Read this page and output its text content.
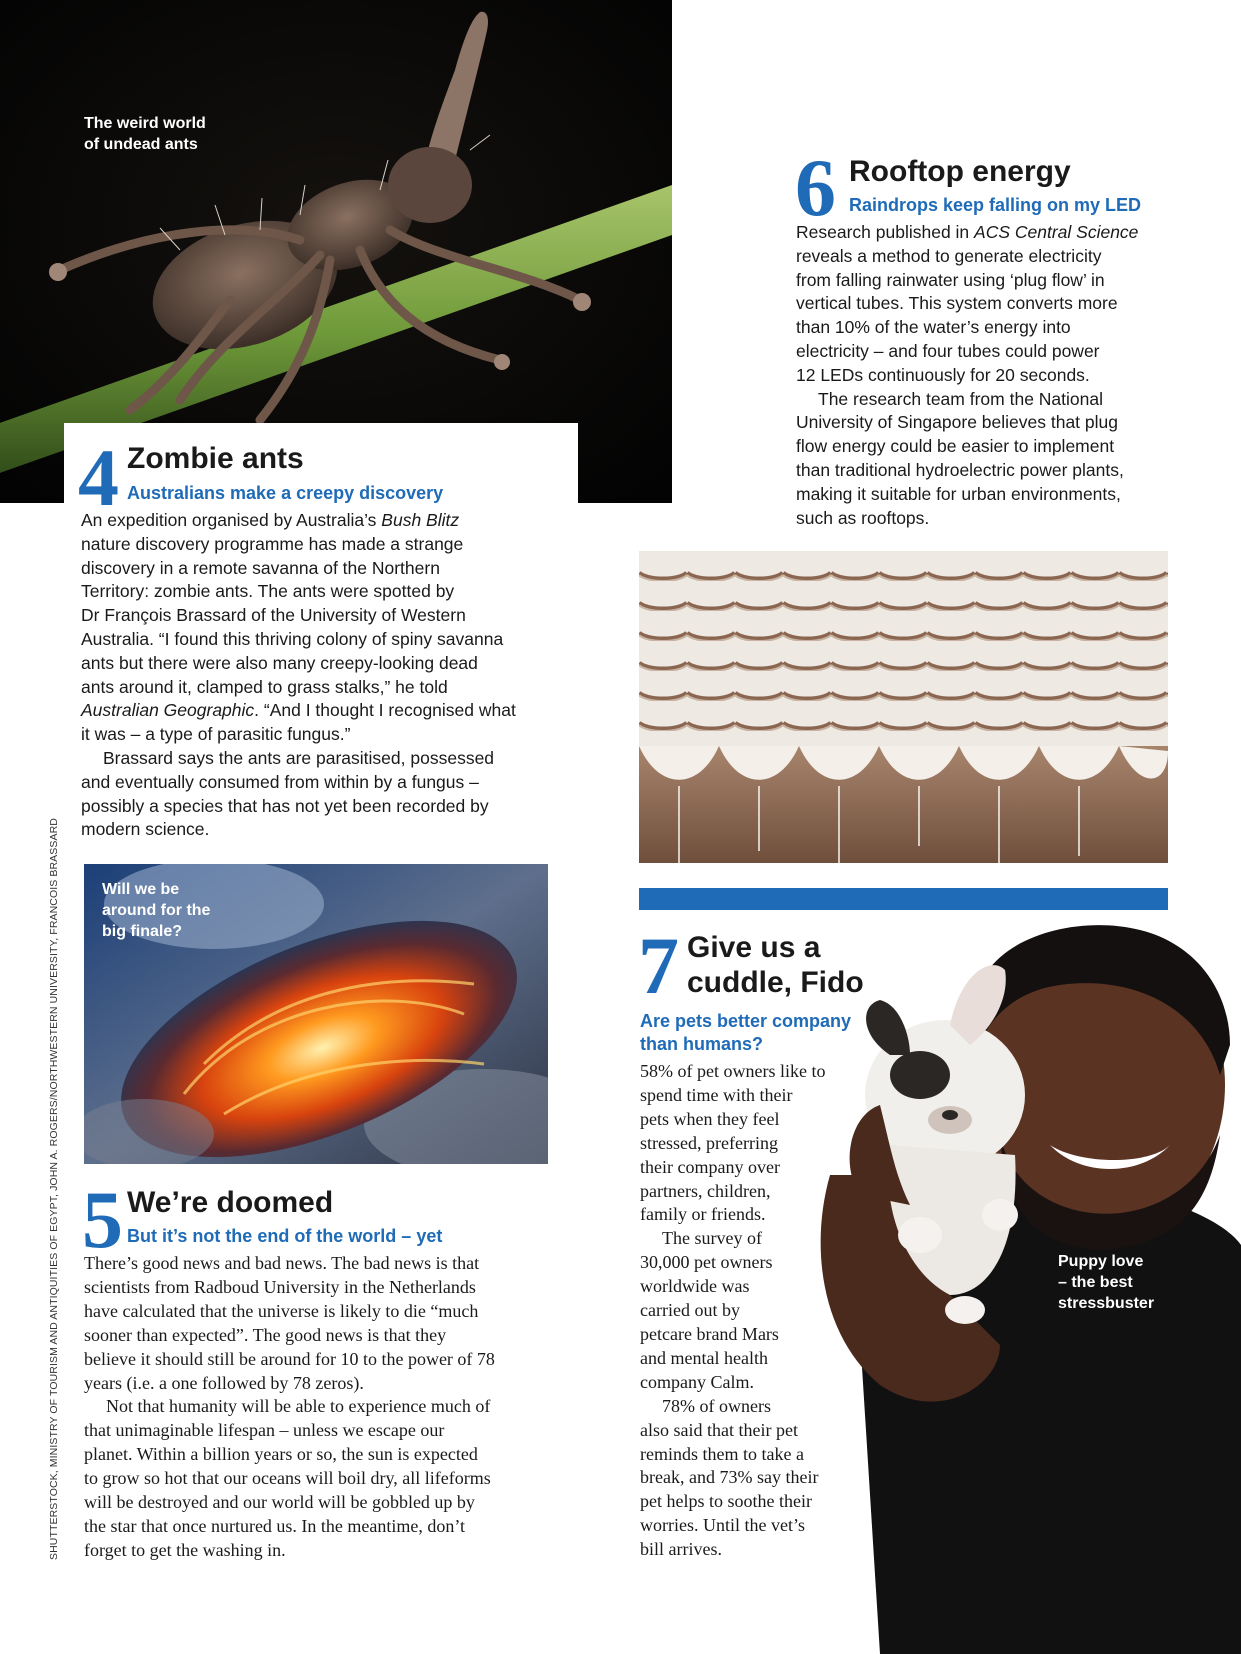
The weird world
of undead ants
4 Zombie ants
Australians make a creepy discovery
An expedition organised by Australia’s Bush Blitz
nature discovery programme has made a strange
discovery in a remote savanna of the Northern
Territory: zombie ants. The ants were spotted by
Dr François Brassard of the University of Western
Australia. “I found this thriving colony of spiny savanna
ants but there were also many creepy-looking dead
ants around it, clamped to grass stalks,” he told
Australian Geographic. “And I thought I recognised what
it was – a type of parasitic fungus.”
Brassard says the ants are parasitised, possessed
and eventually consumed from within by a fungus –
possibly a species that has not yet been recorded by
modern science.
Will we be
around for the
big finale?
5 We’re doomed
But it’s not the end of the world – yet
There’s good news and bad news. The bad news is that
scientists from Radboud University in the Netherlands
have calculated that the universe is likely to die “much
sooner than expected”. The good news is that they
believe it should still be around for 10 to the power of 78
years (i.e. a one followed by 78 zeros).
Not that humanity will be able to experience much of
that unimaginable lifespan – unless we escape our
planet. Within a billion years or so, the sun is expected
to grow so hot that our oceans will boil dry, all lifeforms
will be destroyed and our world will be gobbled up by
the star that once nurtured us. In the meantime, don’t
forget to get the washing in.
6 Rooftop energy
Raindrops keep falling on my LED
Research published in ACS Central Science
reveals a method to generate electricity
from falling rainwater using ‘plug flow’ in
vertical tubes. This system converts more
than 10% of the water’s energy into
electricity – and four tubes could power
12 LEDs continuously for 20 seconds.
The research team from the National
University of Singapore believes that plug
flow energy could be easier to implement
than traditional hydroelectric power plants,
making it suitable for urban environments,
such as rooftops.
Puppy love
– the best
stressbuster
7 Give us a
cuddle, Fido
Are pets better company
than humans?
58% of pet owners like to
spend time with their
pets when they feel
stressed, preferring
their company over
partners, children,
family or friends.
The survey of
30,000 pet owners
worldwide was
carried out by
petcare brand Mars
and mental health
company Calm.
78% of owners
also said that their pet
reminds them to take a
break, and 73% say their
pet helps to soothe their
worries. Until the vet’s
bill arrives.
SHUTTERSTOCK, MINISTRY OF TOURISM AND ANTIQUITIES OF EGYPT, JOHN A. ROGERS/NORTHWESTERN UNIVERSITY, FRANCOIS BRASSARD
